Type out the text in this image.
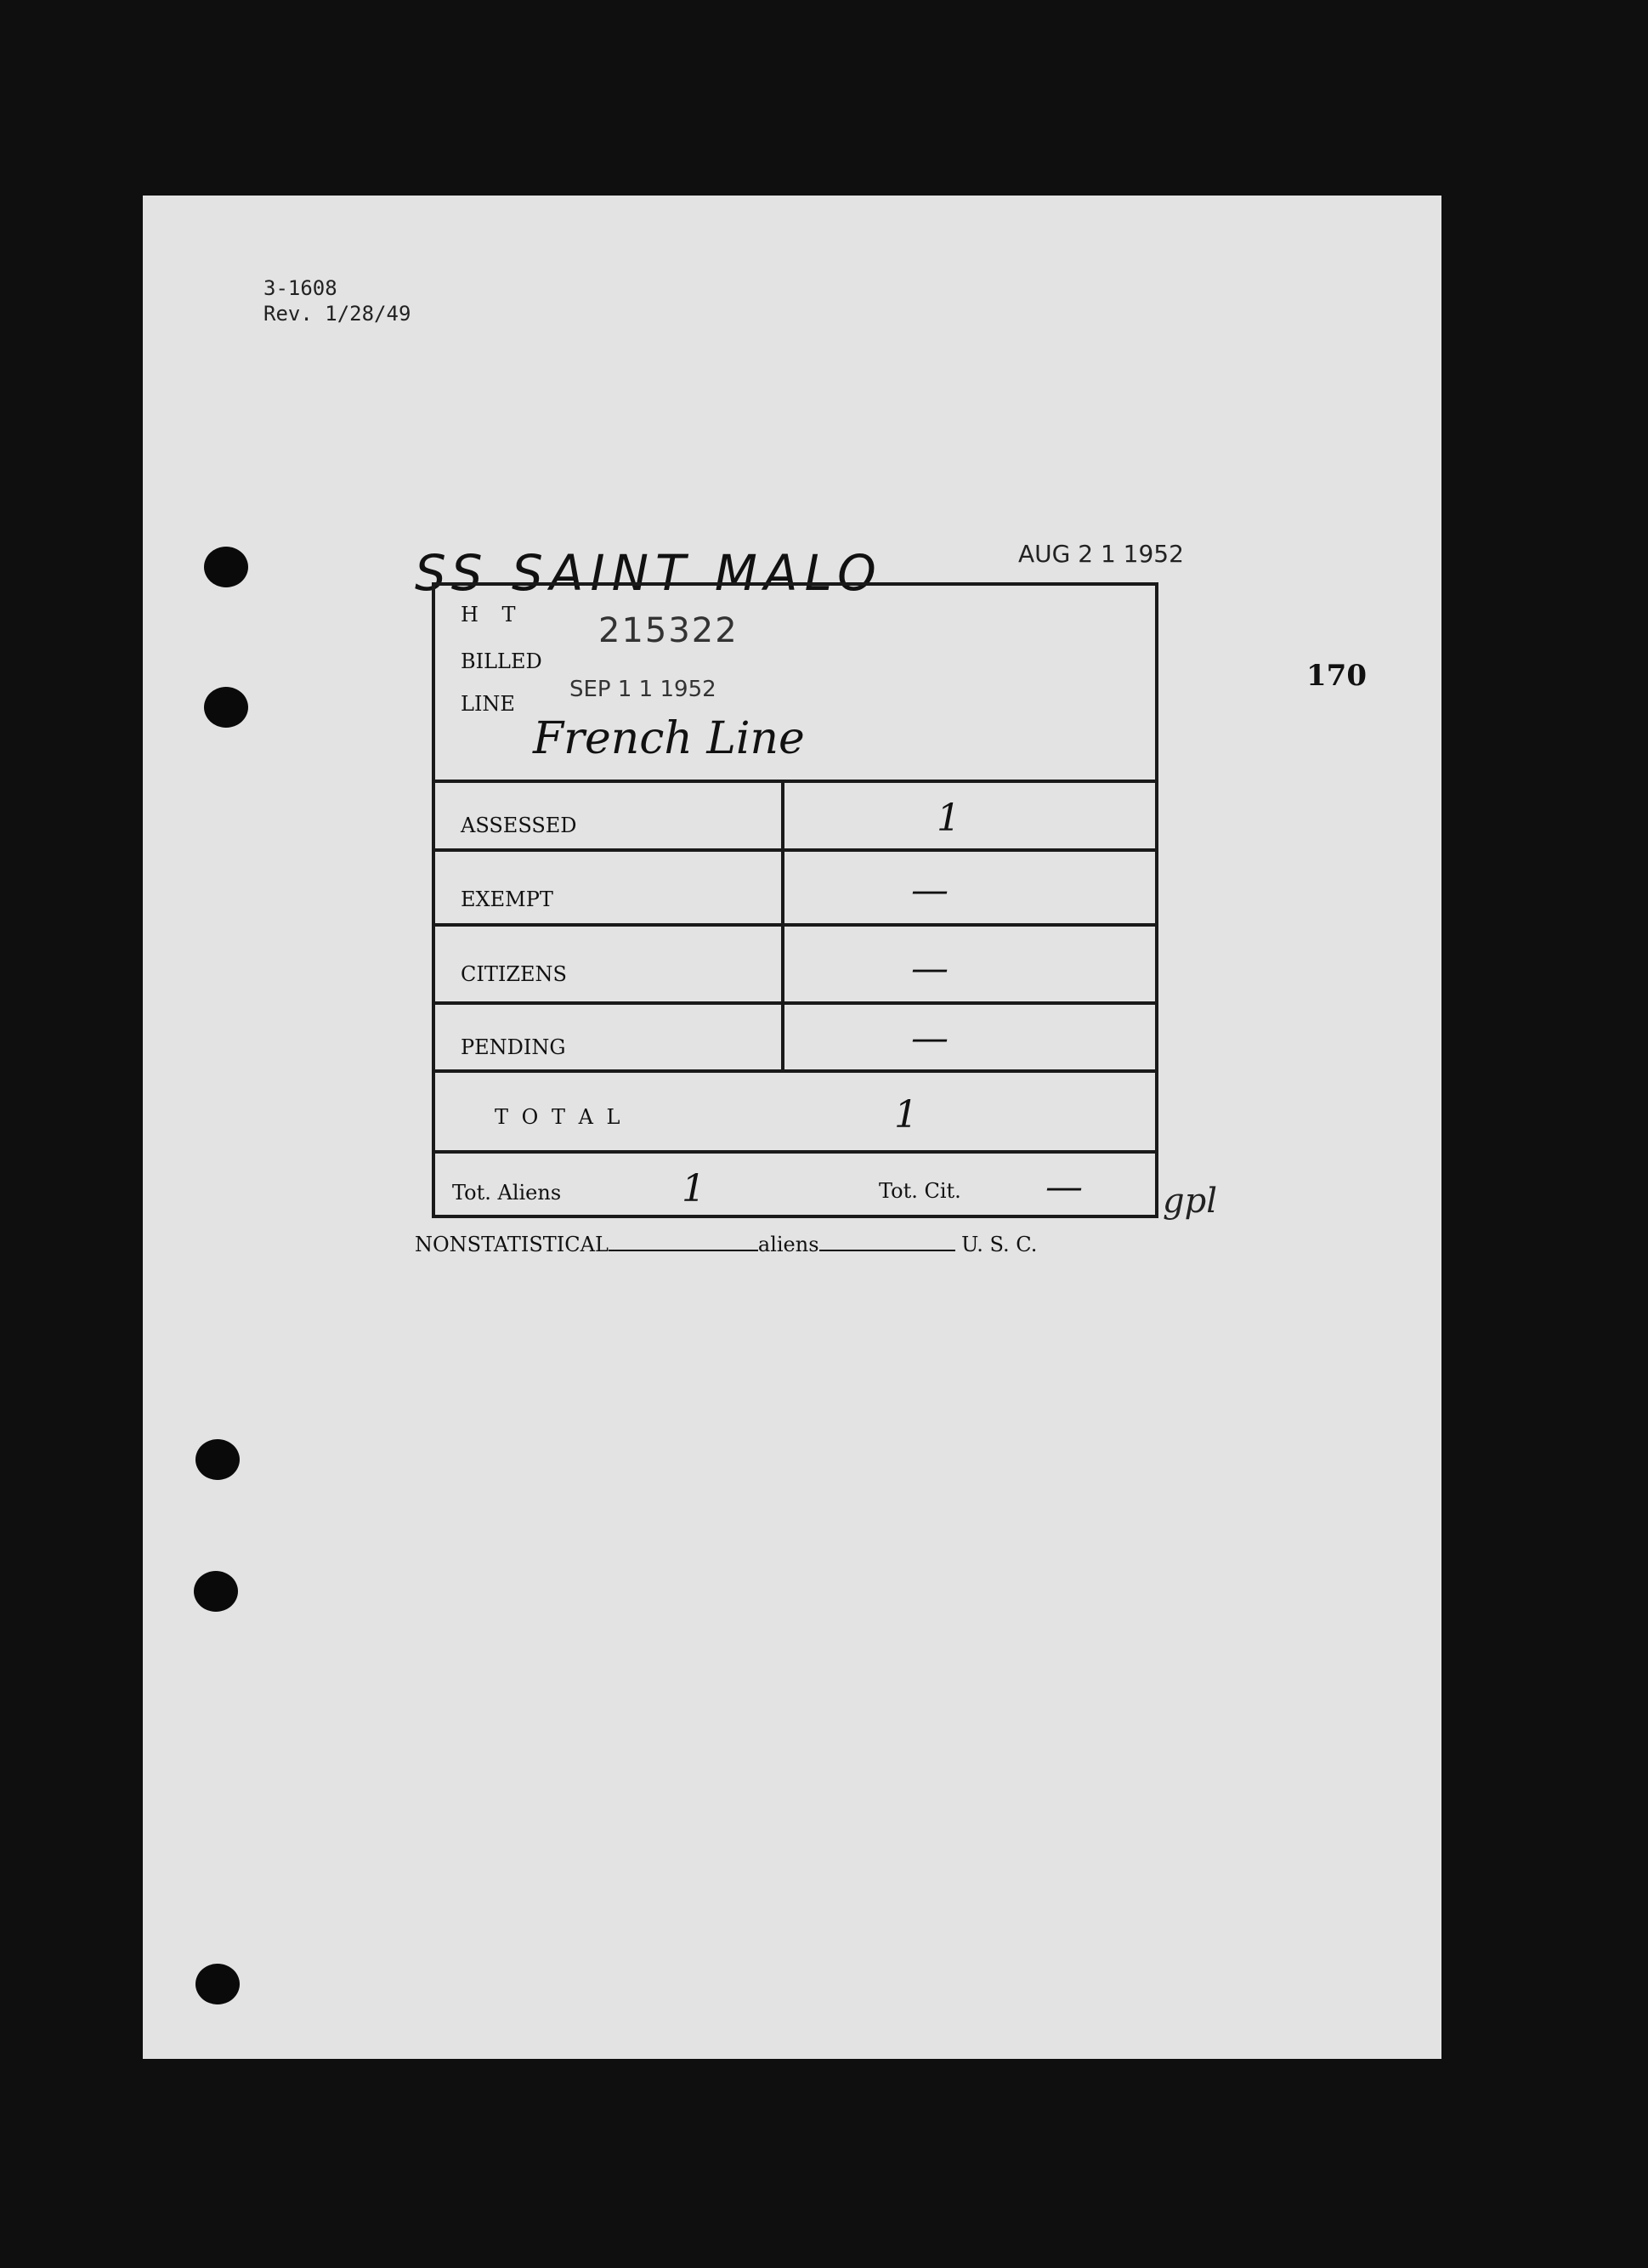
3-1608
Rev. 1/28/49
170
SS SAINT MALO	AUG 2 1 1952
H T 215322
BILLED
SEP 1 1 1952
LINE
French Line
ASSESSED	1
EXEMPT	—
CITIZENS	—
PENDING	—
T O T A L	1
Tot. Aliens	1	Tot. Cit. — gpl
NONSTATISTICAL	aliens	U. S. C.
